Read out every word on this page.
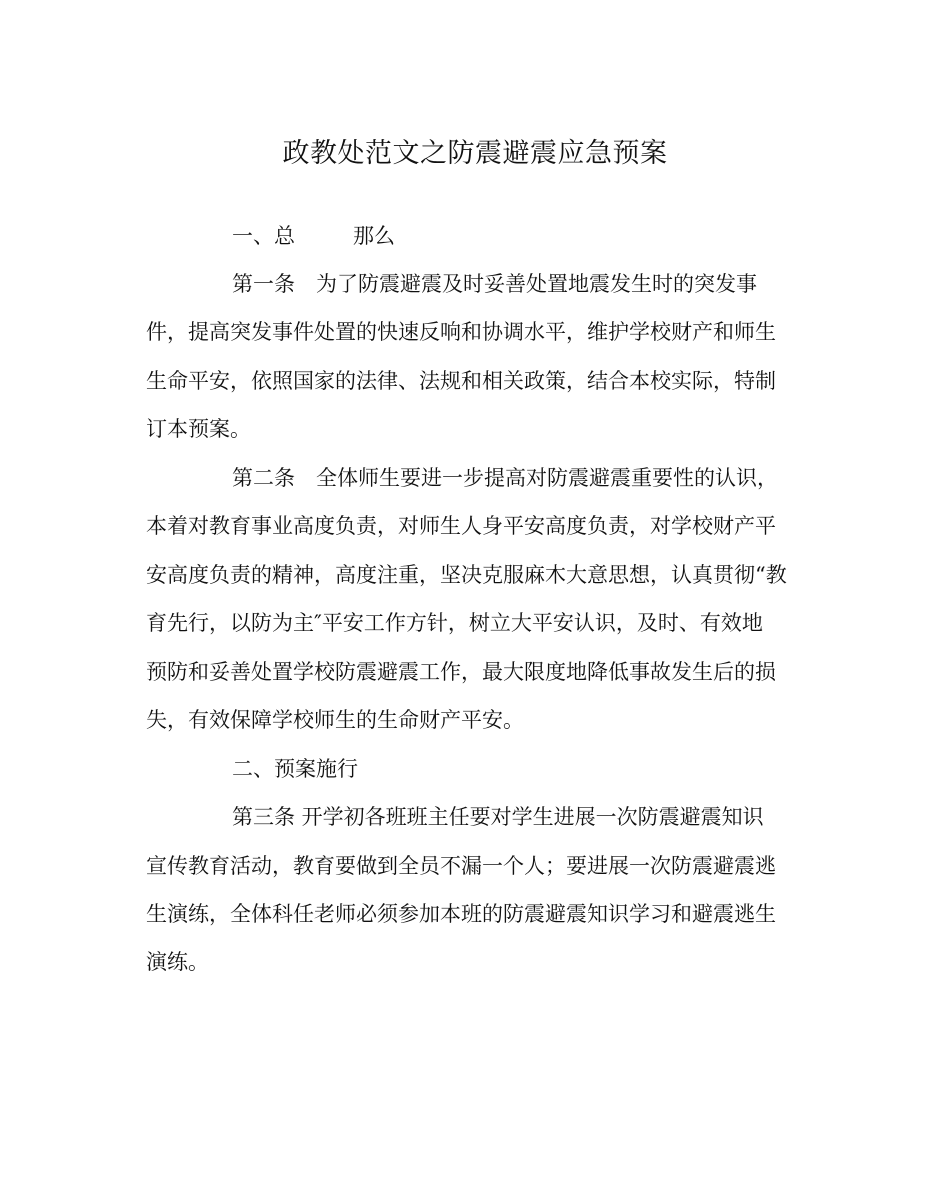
政教处范文之防震避震应急预案

一、总	那么

第一条　为了防震避震及时妥善处置地震发生时的突发事

件，提高突发事件处置的快速反响和协调水平，维护学校财产和师生

生命平安，依照国家的法律、法规和相关政策，结合本校实际，特制

订本预案。

第二条　全体师生要进一步提高对防震避震重要性的认识，

本着对教育事业高度负责，对师生人身平安高度负责，对学校财产平

安高度负责的精神，高度注重，坚决克服麻木大意思想，认真贯彻“教

育先行，以防为主″平安工作方针，树立大平安认识，及时、有效地

预防和妥善处置学校防震避震工作，最大限度地降低事故发生后的损

失，有效保障学校师生的生命财产平安。

二、预案施行

第三条 开学初各班班主任要对学生进展一次防震避震知识

宣传教育活动，教育要做到全员不漏一个人；要进展一次防震避震逃

生演练，全体科任老师必须参加本班的防震避震知识学习和避震逃生

演练。
